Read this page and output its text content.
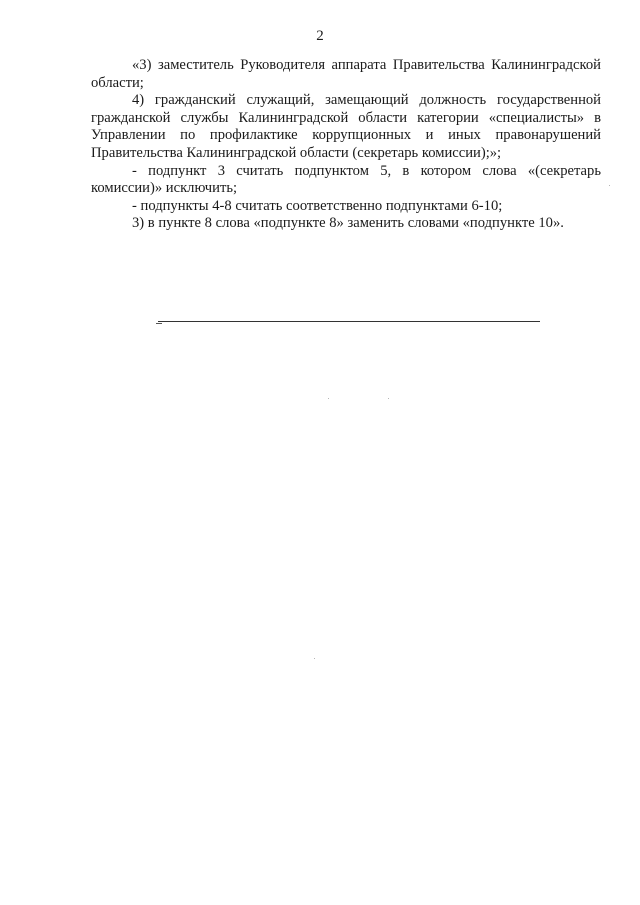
2

«3) заместитель Руководителя аппарата Правительства Калининградской области;

4) гражданский служащий, замещающий должность государственной гражданской службы Калининградской области категории «специалисты» в Управлении по профилактике коррупционных и иных правонарушений Правительства Калининградской области (секретарь комиссии);»;

- подпункт 3 считать подпунктом 5, в котором слова «(секретарь комиссии)» исключить;

- подпункты 4-8 считать соответственно подпунктами 6-10;

3) в пункте 8 слова «подпункте 8» заменить словами «подпункте 10».
